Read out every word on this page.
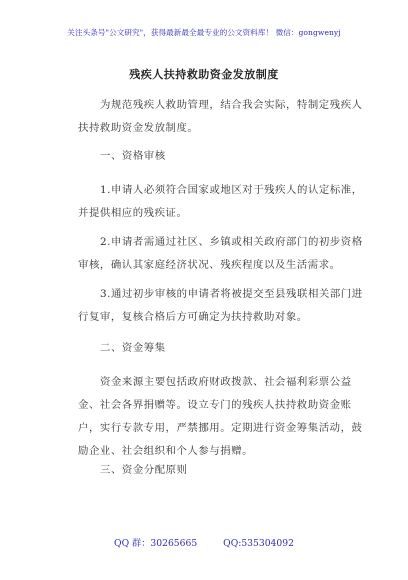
关注头条号"公文研究"，获得最新最全最专业的公文资料库！ 微信：gongwenyj
残疾人扶持救助资金发放制度

为规范残疾人救助管理，结合我会实际，特制定残疾人扶持救助资金发放制度。

一、资格审核

1.申请人必须符合国家或地区对于残疾人的认定标准，并提供相应的残疾证。

2.申请者需通过社区、乡镇或相关政府部门的初步资格审核，确认其家庭经济状况、残疾程度以及生活需求。

3.通过初步审核的申请者将被提交至县残联相关部门进行复审，复核合格后方可确定为扶持救助对象。

二、资金筹集

资金来源主要包括政府财政拨款、社会福利彩票公益金、社会各界捐赠等。设立专门的残疾人扶持救助资金账户，实行专款专用，严禁挪用。定期进行资金筹集活动，鼓励企业、社会组织和个人参与捐赠。

三、资金分配原则

QQ 群：30265665	QQ:535304092
